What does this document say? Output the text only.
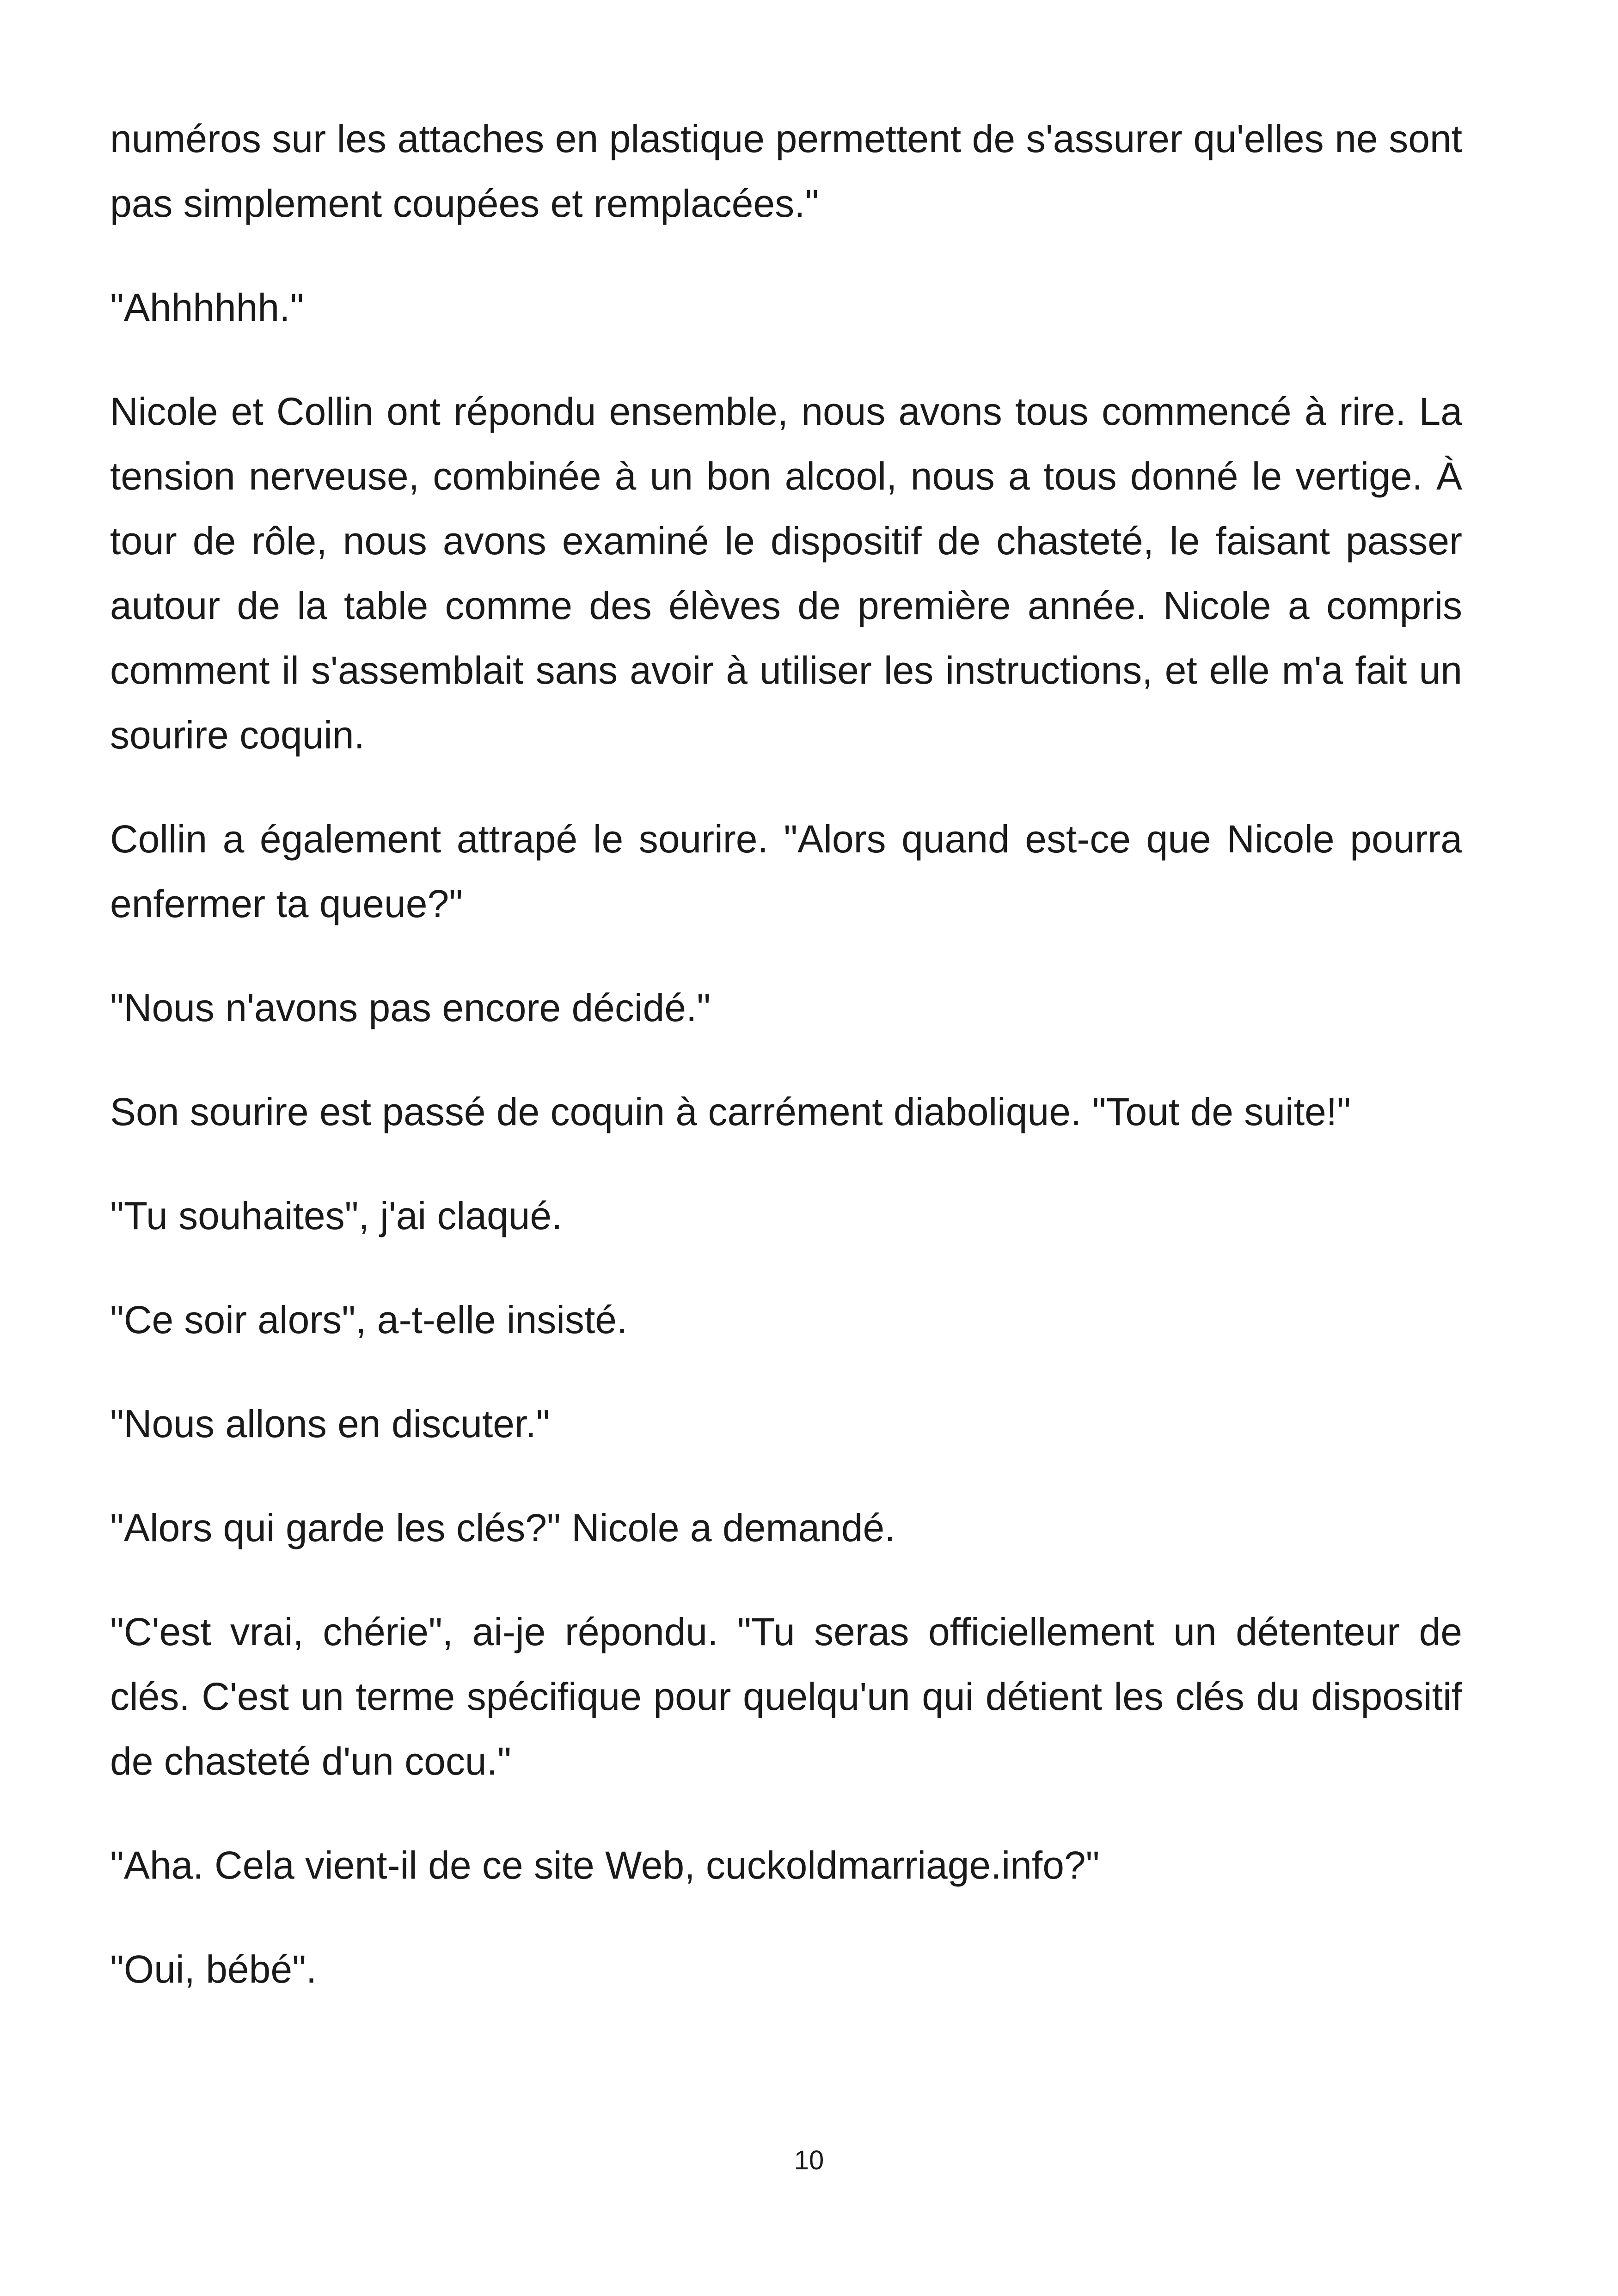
numéros sur les attaches en plastique permettent de s'assurer qu'elles ne sont pas simplement coupées et remplacées."

"Ahhhhhh."

Nicole et Collin ont répondu ensemble, nous avons tous commencé à rire. La tension nerveuse, combinée à un bon alcool, nous a tous donné le vertige. À tour de rôle, nous avons examiné le dispositif de chasteté, le faisant passer autour de la table comme des élèves de première année. Nicole a compris comment il s'assemblait sans avoir à utiliser les instructions, et elle m'a fait un sourire coquin.

Collin a également attrapé le sourire. "Alors quand est-ce que Nicole pourra enfermer ta queue?"

"Nous n'avons pas encore décidé."

Son sourire est passé de coquin à carrément diabolique. "Tout de suite!"

"Tu souhaites", j'ai claqué.

"Ce soir alors", a-t-elle insisté.

"Nous allons en discuter."

"Alors qui garde les clés?" Nicole a demandé.

"C'est vrai, chérie", ai-je répondu. "Tu seras officiellement un détenteur de clés. C'est un terme spécifique pour quelqu'un qui détient les clés du dispositif de chasteté d'un cocu."

"Aha. Cela vient-il de ce site Web, cuckoldmarriage.info?"

"Oui, bébé".

10
